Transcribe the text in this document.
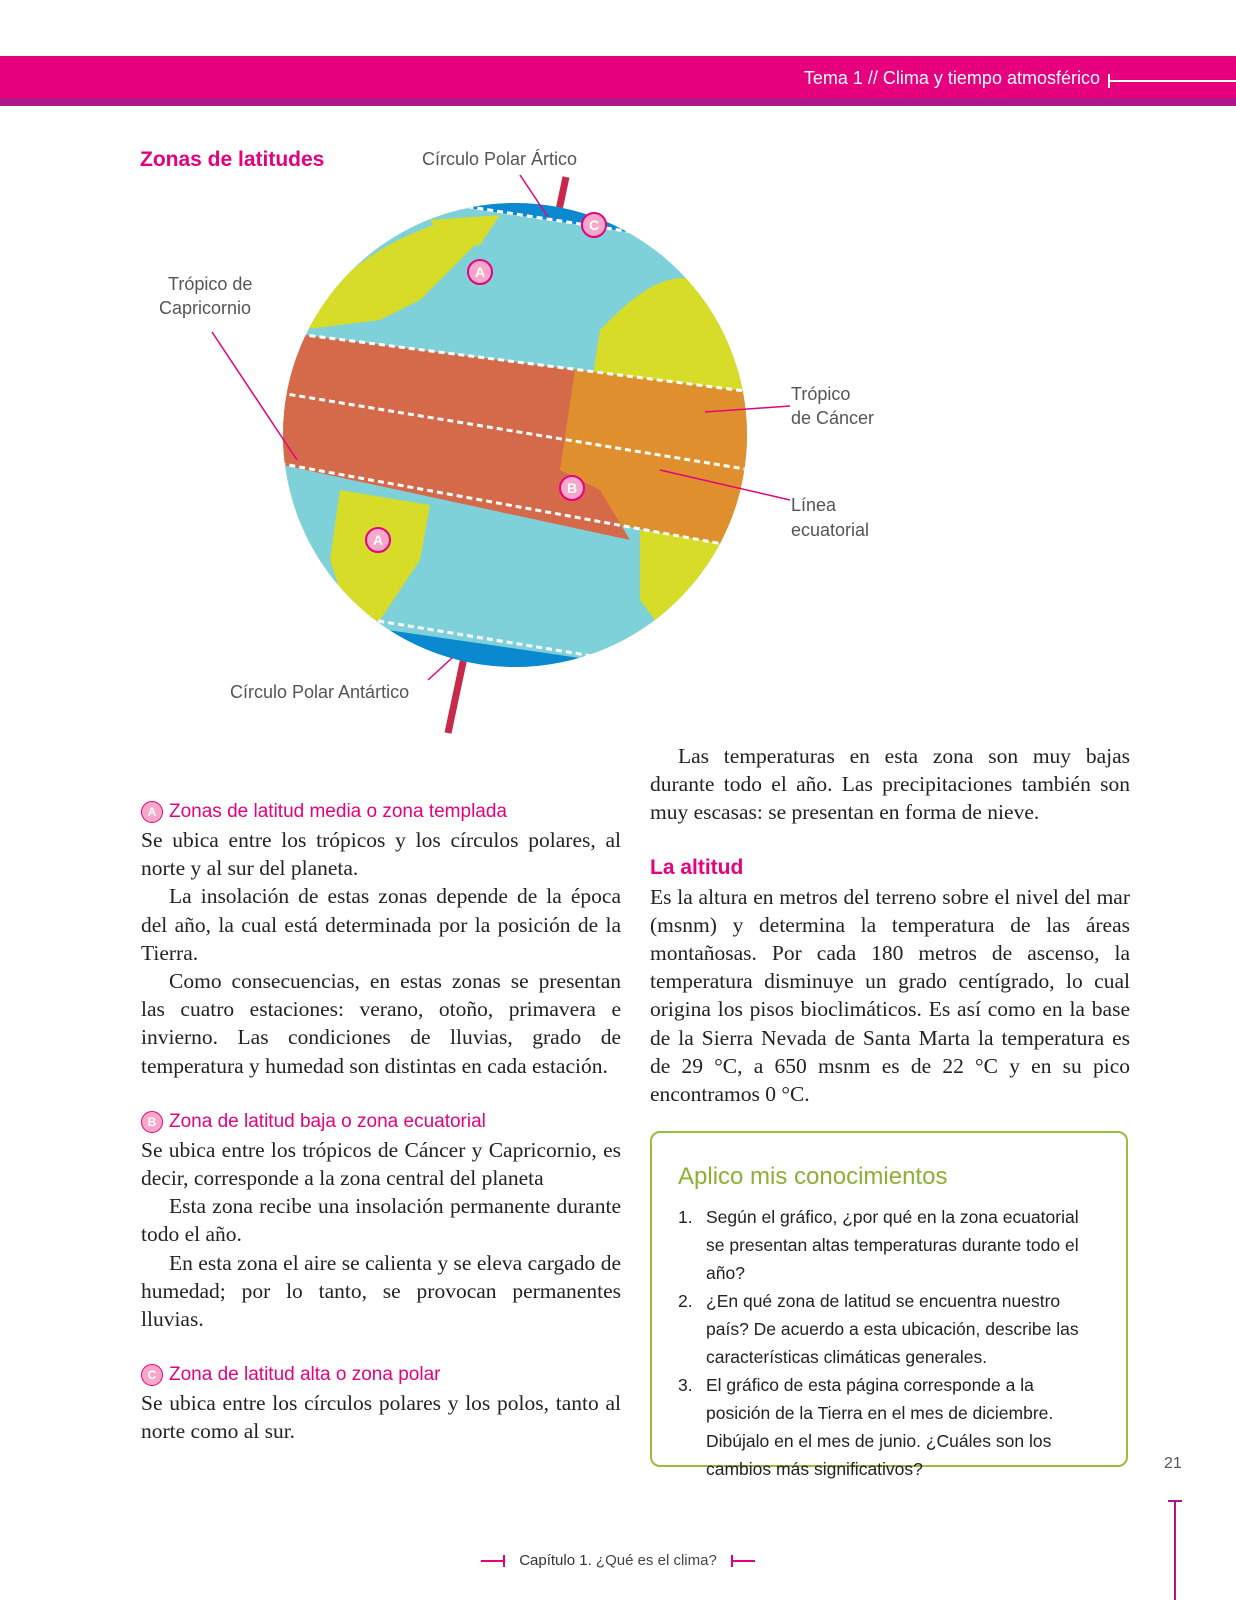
Tema 1 // Clima y tiempo atmosférico
Zonas de latitudes
C
A
B
A
Círculo Polar Ártico
Trópico de
Capricornio
Trópico
de Cáncer
Línea
ecuatorial
Círculo Polar Antártico
A Zonas de latitud media o zona templada

Se ubica entre los trópicos y los círculos polares, al norte y al sur del planeta.

La insolación de estas zonas depende de la época del año, la cual está determinada por la posición de la Tierra.

Como consecuencias, en estas zonas se presentan las cuatro estaciones: verano, otoño, primavera e invierno. Las condiciones de lluvias, grado de temperatura y humedad son distintas en cada estación.

B Zona de latitud baja o zona ecuatorial

Se ubica entre los trópicos de Cáncer y Capricornio, es decir, corresponde a la zona central del planeta

Esta zona recibe una insolación permanente durante todo el año.

En esta zona el aire se calienta y se eleva cargado de humedad; por lo tanto, se provocan permanentes lluvias.

C Zona de latitud alta o zona polar

Se ubica entre los círculos polares y los polos, tanto al norte como al sur.

Las temperaturas en esta zona son muy bajas durante todo el año. Las precipitaciones también son muy escasas: se presentan en forma de nieve.

La altitud

Es la altura en metros del terreno sobre el nivel del mar (msnm) y determina la temperatura de las áreas montañosas. Por cada 180 metros de ascenso, la temperatura disminuye un grado centígrado, lo cual origina los pisos bioclimáticos. Es así como en la base de la Sierra Nevada de Santa Marta la temperatura es de 29 °C, a 650 msnm es de 22 °C y en su pico encontramos 0 °C.

Aplico mis conocimientos
1. Según el gráfico, ¿por qué en la zona ecuatorial se presentan altas temperaturas durante todo el año?
2. ¿En qué zona de latitud se encuentra nuestro país? De acuerdo a esta ubicación, describe las características climáticas generales.
3. El gráfico de esta página corresponde a la posición de la Tierra en el mes de diciembre. Dibújalo en el mes de junio. ¿Cuáles son los cambios más significativos?	21
Capítulo 1. ¿Qué es el clima?
